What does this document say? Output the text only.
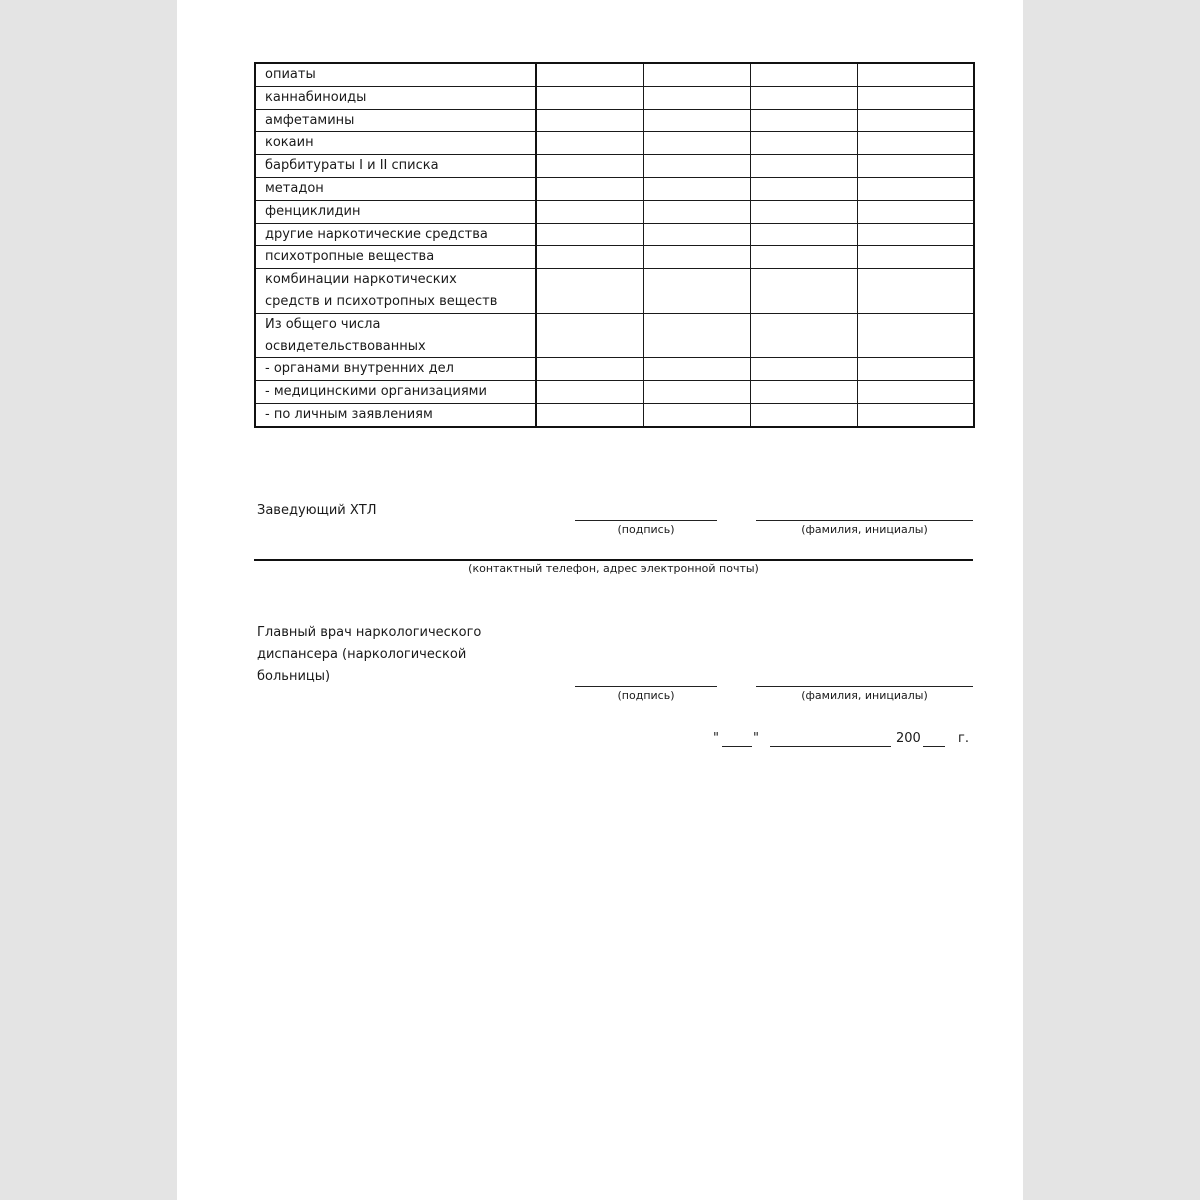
опиаты				
каннабиноиды				
амфетамины				
кокаин				
барбитураты I и II списка				
метадон				
фенциклидин				
другие наркотические средства				
психотропные вещества				

комбинации наркотических
средств и психотропных веществ				

Из общего числа
освидетельствованных				

- органами внутренних дел				
- медицинскими организациями				
- по личным заявлениям				
Заведующий ХТЛ
(подпись)	(фамилия, инициалы)
(контактный телефон, адрес электронной почты)
Главный врач наркологического
диспансера (наркологической
больницы)
(подпись)	(фамилия, инициалы)
"	"	200	г.
